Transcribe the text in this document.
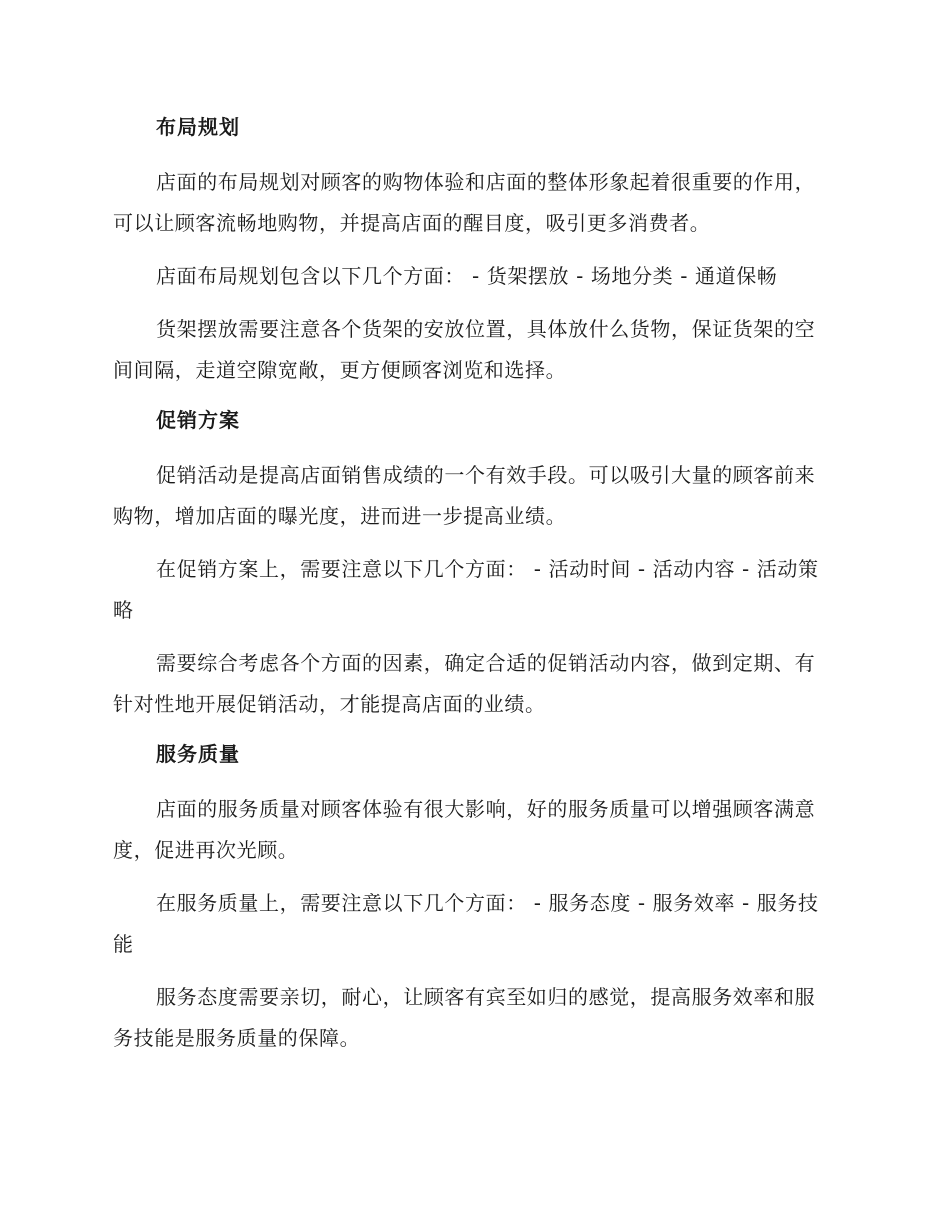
布局规划

店面的布局规划对顾客的购物体验和店面的整体形象起着很重要的作用，可以让顾客流畅地购物，并提高店面的醒目度，吸引更多消费者。

店面布局规划包含以下几个方面： - 货架摆放 - 场地分类 - 通道保畅

货架摆放需要注意各个货架的安放位置，具体放什么货物，保证货架的空间间隔，走道空隙宽敞，更方便顾客浏览和选择。

促销方案

促销活动是提高店面销售成绩的一个有效手段。可以吸引大量的顾客前来购物，增加店面的曝光度，进而进一步提高业绩。

在促销方案上，需要注意以下几个方面： - 活动时间 - 活动内容 - 活动策略

需要综合考虑各个方面的因素，确定合适的促销活动内容，做到定期、有针对性地开展促销活动，才能提高店面的业绩。

服务质量

店面的服务质量对顾客体验有很大影响，好的服务质量可以增强顾客满意度，促进再次光顾。

在服务质量上，需要注意以下几个方面： - 服务态度 - 服务效率 - 服务技能

服务态度需要亲切，耐心，让顾客有宾至如归的感觉，提高服务效率和服务技能是服务质量的保障。
